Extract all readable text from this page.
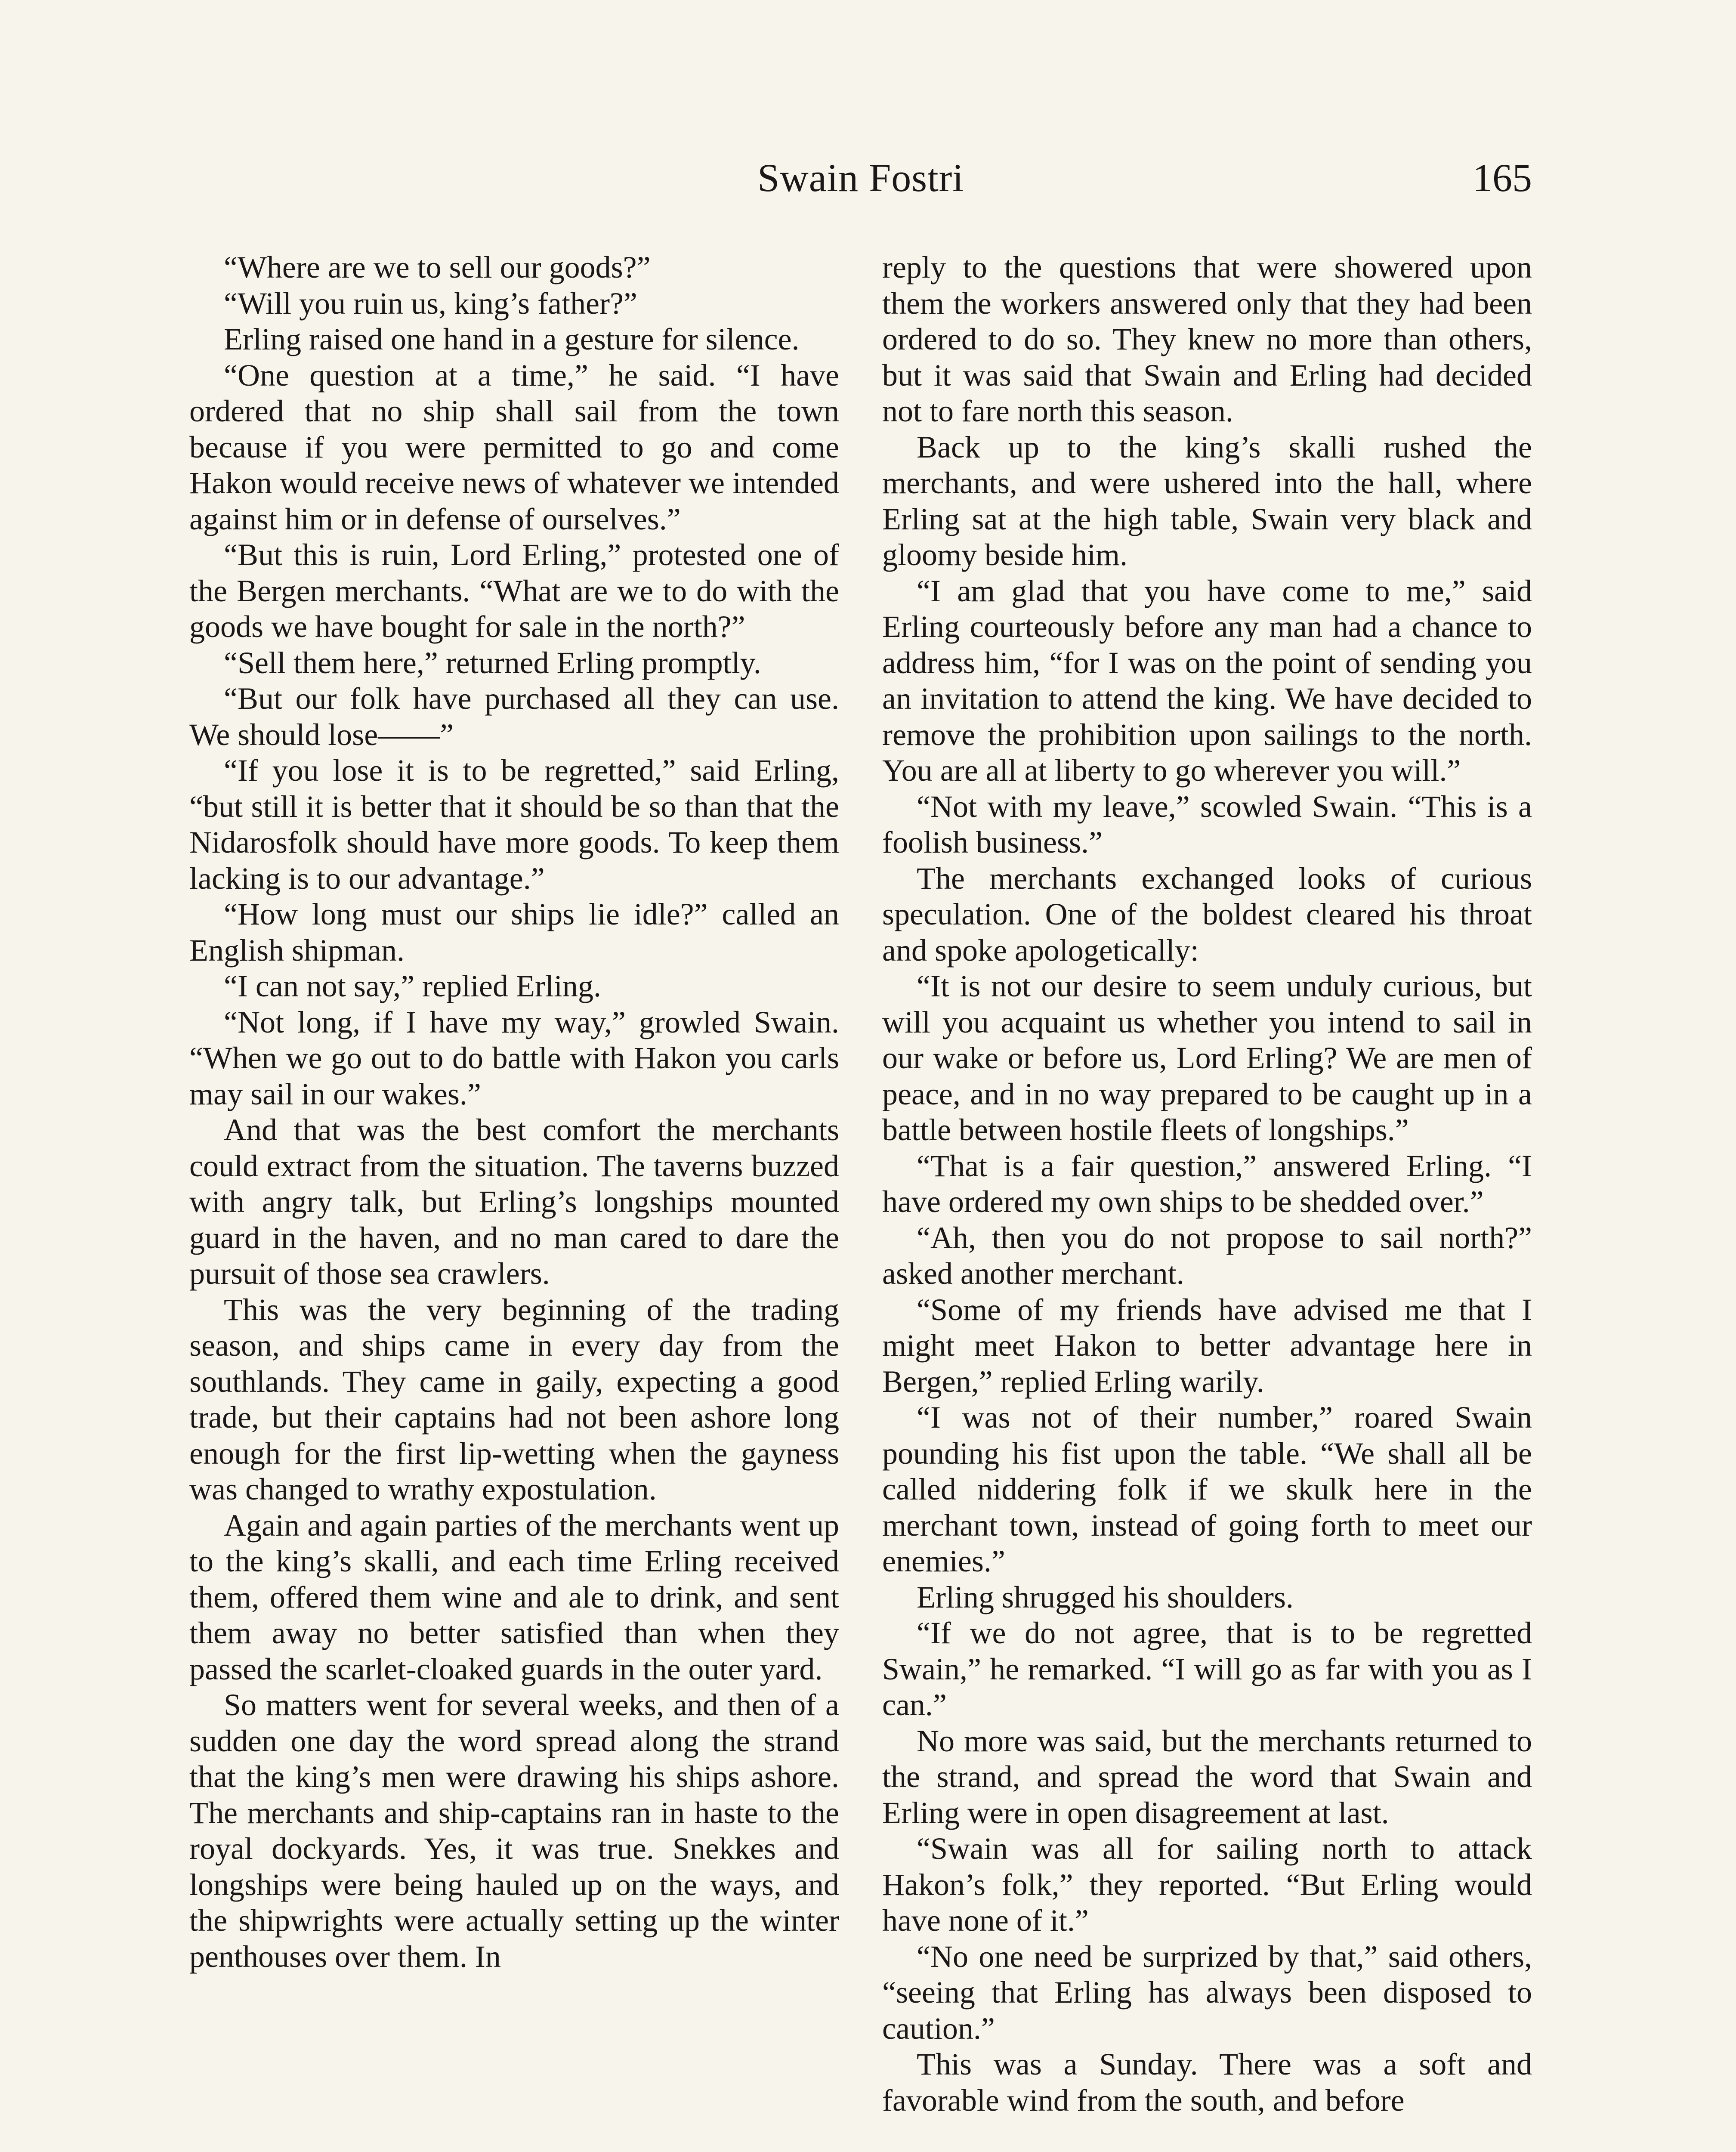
Swain Fostri	165

“Where are we to sell our goods?”

“Will you ruin us, king’s father?”

Erling raised one hand in a gesture for silence.

“One question at a time,” he said. “I have ordered that no ship shall sail from the town because if you were permitted to go and come Hakon would receive news of whatever we intended against him or in defense of ourselves.”

“But this is ruin, Lord Erling,” protested one of the Bergen merchants. “What are we to do with the goods we have bought for sale in the north?”

“Sell them here,” returned Erling promptly.

“But our folk have purchased all they can use. We should lose——”

“If you lose it is to be regretted,” said Erling, “but still it is better that it should be so than that the Nidarosfolk should have more goods. To keep them lacking is to our advantage.”

“How long must our ships lie idle?” called an English shipman.

“I can not say,” replied Erling.

“Not long, if I have my way,” growled Swain. “When we go out to do battle with Hakon you carls may sail in our wakes.”

And that was the best comfort the merchants could extract from the situation. The taverns buzzed with angry talk, but Erling’s longships mounted guard in the haven, and no man cared to dare the pursuit of those sea crawlers.

This was the very beginning of the trading season, and ships came in every day from the southlands. They came in gaily, expecting a good trade, but their captains had not been ashore long enough for the first lip-wetting when the gayness was changed to wrathy expostulation.

Again and again parties of the merchants went up to the king’s skalli, and each time Erling received them, offered them wine and ale to drink, and sent them away no better satisfied than when they passed the scarlet-cloaked guards in the outer yard.

So matters went for several weeks, and then of a sudden one day the word spread along the strand that the king’s men were drawing his ships ashore. The merchants and ship-captains ran in haste to the royal dockyards. Yes, it was true. Snekkes and longships were being hauled up on the ways, and the shipwrights were actually setting up the winter penthouses over them. In

reply to the questions that were showered upon them the workers answered only that they had been ordered to do so. They knew no more than others, but it was said that Swain and Erling had decided not to fare north this season.

Back up to the king’s skalli rushed the merchants, and were ushered into the hall, where Erling sat at the high table, Swain very black and gloomy beside him.

“I am glad that you have come to me,” said Erling courteously before any man had a chance to address him, “for I was on the point of sending you an invitation to attend the king. We have decided to remove the prohibition upon sailings to the north. You are all at liberty to go wherever you will.”

“Not with my leave,” scowled Swain. “This is a foolish business.”

The merchants exchanged looks of curious speculation. One of the boldest cleared his throat and spoke apologetically:

“It is not our desire to seem unduly curious, but will you acquaint us whether you intend to sail in our wake or before us, Lord Erling? We are men of peace, and in no way prepared to be caught up in a battle between hostile fleets of longships.”

“That is a fair question,” answered Erling. “I have ordered my own ships to be shedded over.”

“Ah, then you do not propose to sail north?” asked another merchant.

“Some of my friends have advised me that I might meet Hakon to better advantage here in Bergen,” replied Erling warily.

“I was not of their number,” roared Swain pounding his fist upon the table. “We shall all be called niddering folk if we skulk here in the merchant town, instead of going forth to meet our enemies.”

Erling shrugged his shoulders.

“If we do not agree, that is to be regretted Swain,” he remarked. “I will go as far with you as I can.”

No more was said, but the merchants returned to the strand, and spread the word that Swain and Erling were in open disagreement at last.

“Swain was all for sailing north to attack Hakon’s folk,” they reported. “But Erling would have none of it.”

“No one need be surprized by that,” said others, “seeing that Erling has always been disposed to caution.”

This was a Sunday. There was a soft and favorable wind from the south, and before
